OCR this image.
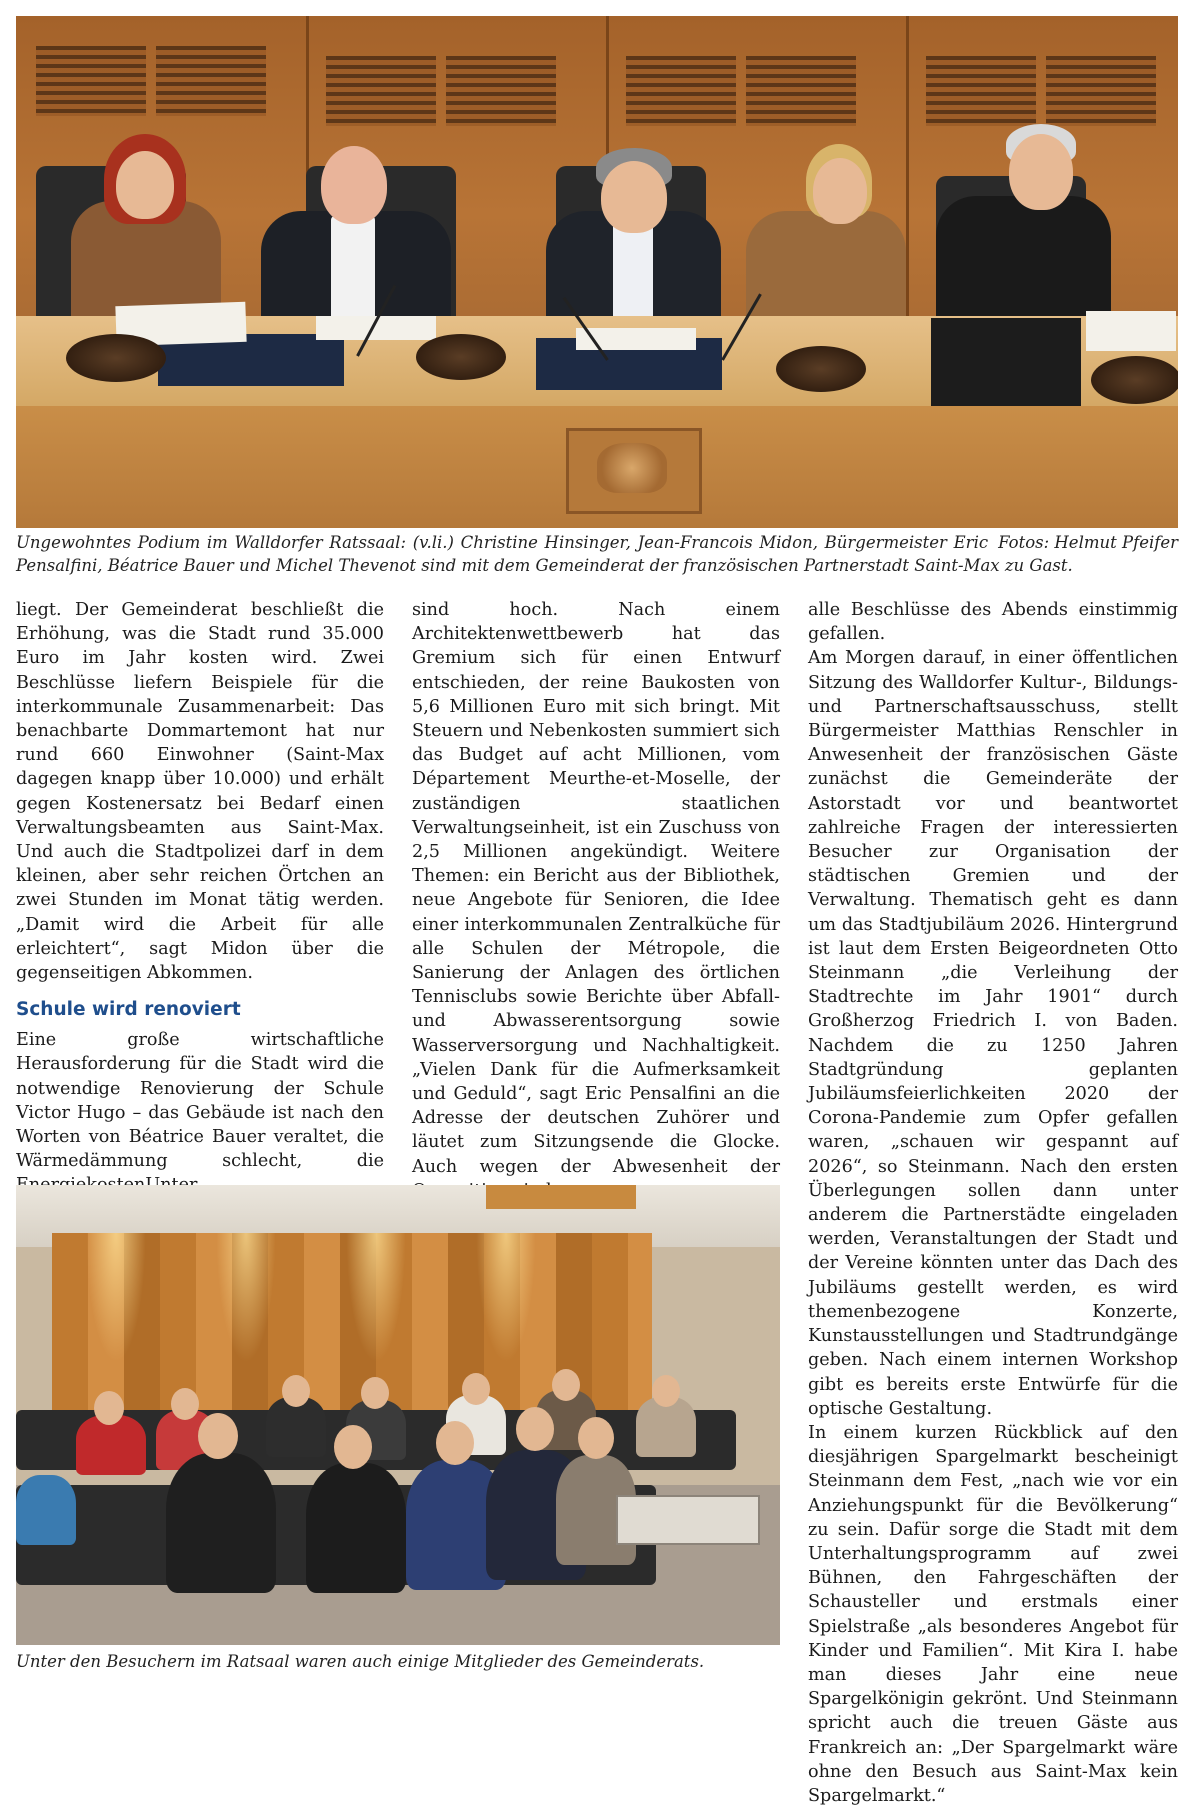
Fotos: Helmut Pfeifer
Ungewohntes Podium im Walldorfer Ratssaal: (v.li.) Christine Hinsinger, Jean-Francois Midon, Bürgermeister Eric Pensalfini, Béatrice Bauer und Michel Thevenot sind mit dem Gemeinderat der französischen Partnerstadt Saint-Max zu Gast.

liegt. Der Gemeinderat beschließt die Erhöhung, was die Stadt rund 35.000 Euro im Jahr kosten wird. Zwei Beschlüsse liefern Beispiele für die interkommunale Zusammenarbeit: Das benachbarte Dommartemont hat nur rund 660 Einwohner (Saint-Max dagegen knapp über 10.000) und erhält gegen Kostenersatz bei Bedarf einen Verwaltungsbeamten aus Saint-Max. Und auch die Stadtpolizei darf in dem kleinen, aber sehr reichen Örtchen an zwei Stunden im Monat tätig werden. „Damit wird die Arbeit für alle erleichtert“, sagt Midon über die gegenseitigen Abkommen.

Schule wird renoviert

Eine große wirtschaftliche Herausforderung für die Stadt wird die notwendige Renovierung der Schule Victor Hugo – das Gebäude ist nach den Worten von Béatrice Bauer veraltet, die Wärmedämmung schlecht, die

sind hoch. Nach einem Architektenwettbewerb hat das Gremium sich für einen Entwurf entschieden, der reine Baukosten von 5,6 Millionen Euro mit sich bringt. Mit Steuern und Nebenkosten summiert sich das Budget auf acht Millionen, vom Département Meurthe-et-Moselle, der zuständigen staatlichen Verwaltungseinheit, ist ein Zuschuss von 2,5 Millionen angekündigt. Weitere Themen: ein Bericht aus der Bibliothek, neue Angebote für Senioren, die Idee einer interkommunalen Zentralküche für alle Schulen der Métropole, die Sanierung der Anlagen des örtlichen Tennisclubs sowie Berichte über Abfall- und Abwasserentsorgung sowie Wasserversorgung und Nachhaltigkeit. „Vielen Dank für die Aufmerksamkeit und Geduld“, sagt Eric Pensalfini an die Adresse der deutschen Zuhörer und läutet zum Sitzungsende die Glocke. Auch wegen der Abwesenheit der

alle Beschlüsse des Abends einstimmig gefallen.

Am Morgen darauf, in einer öffentlichen Sitzung des Walldorfer Kultur-, Bildungs- und Partnerschaftsausschuss, stellt Bürgermeister Matthias Renschler in Anwesenheit der französischen Gäste zunächst die Gemeinderäte der Astorstadt vor und beantwortet zahlreiche Fragen der interessierten Besucher zur Organisation der städtischen Gremien und der Verwaltung. Thematisch geht es dann um das Stadtjubiläum 2026. Hintergrund ist laut dem Ersten Beigeordneten Otto Steinmann „die Verleihung der Stadtrechte im Jahr 1901“ durch Großherzog Friedrich I. von Baden. Nachdem die zu 1250 Jahren Stadtgründung geplanten Jubiläumsfeierlichkeiten 2020 der Corona-Pandemie zum Opfer gefallen waren, „schauen wir gespannt auf 2026“, so Steinmann. Nach den ersten Überlegungen sollen dann unter anderem die Partnerstädte eingeladen werden, Veranstaltungen der Stadt und der Vereine könnten unter das Dach des Jubiläums gestellt werden, es wird themenbezogene Konzerte, Kunstausstellungen und Stadtrundgänge geben. Nach einem internen Workshop gibt es bereits erste Entwürfe für die optische Gestaltung.

In einem kurzen Rückblick auf den diesjährigen Spargelmarkt bescheinigt Steinmann dem Fest, „nach wie vor ein Anziehungspunkt für die Bevölkerung“ zu sein. Dafür sorge die Stadt mit dem Unterhaltungsprogramm auf zwei Bühnen, den Fahrgeschäften der Schausteller und erstmals einer Spielstraße „als besonderes Angebot für Kinder und Familien“. Mit Kira I. habe man dieses Jahr eine neue Spargelkönigin gekrönt. Und Steinmann spricht auch die treuen Gäste aus Frankreich an: „Der Spargelmarkt wäre ohne den Besuch aus Saint-Max kein Spargelmarkt.“

Unter den Besuchern im Ratsaal waren auch einige Mitglieder des Gemeinderats.
